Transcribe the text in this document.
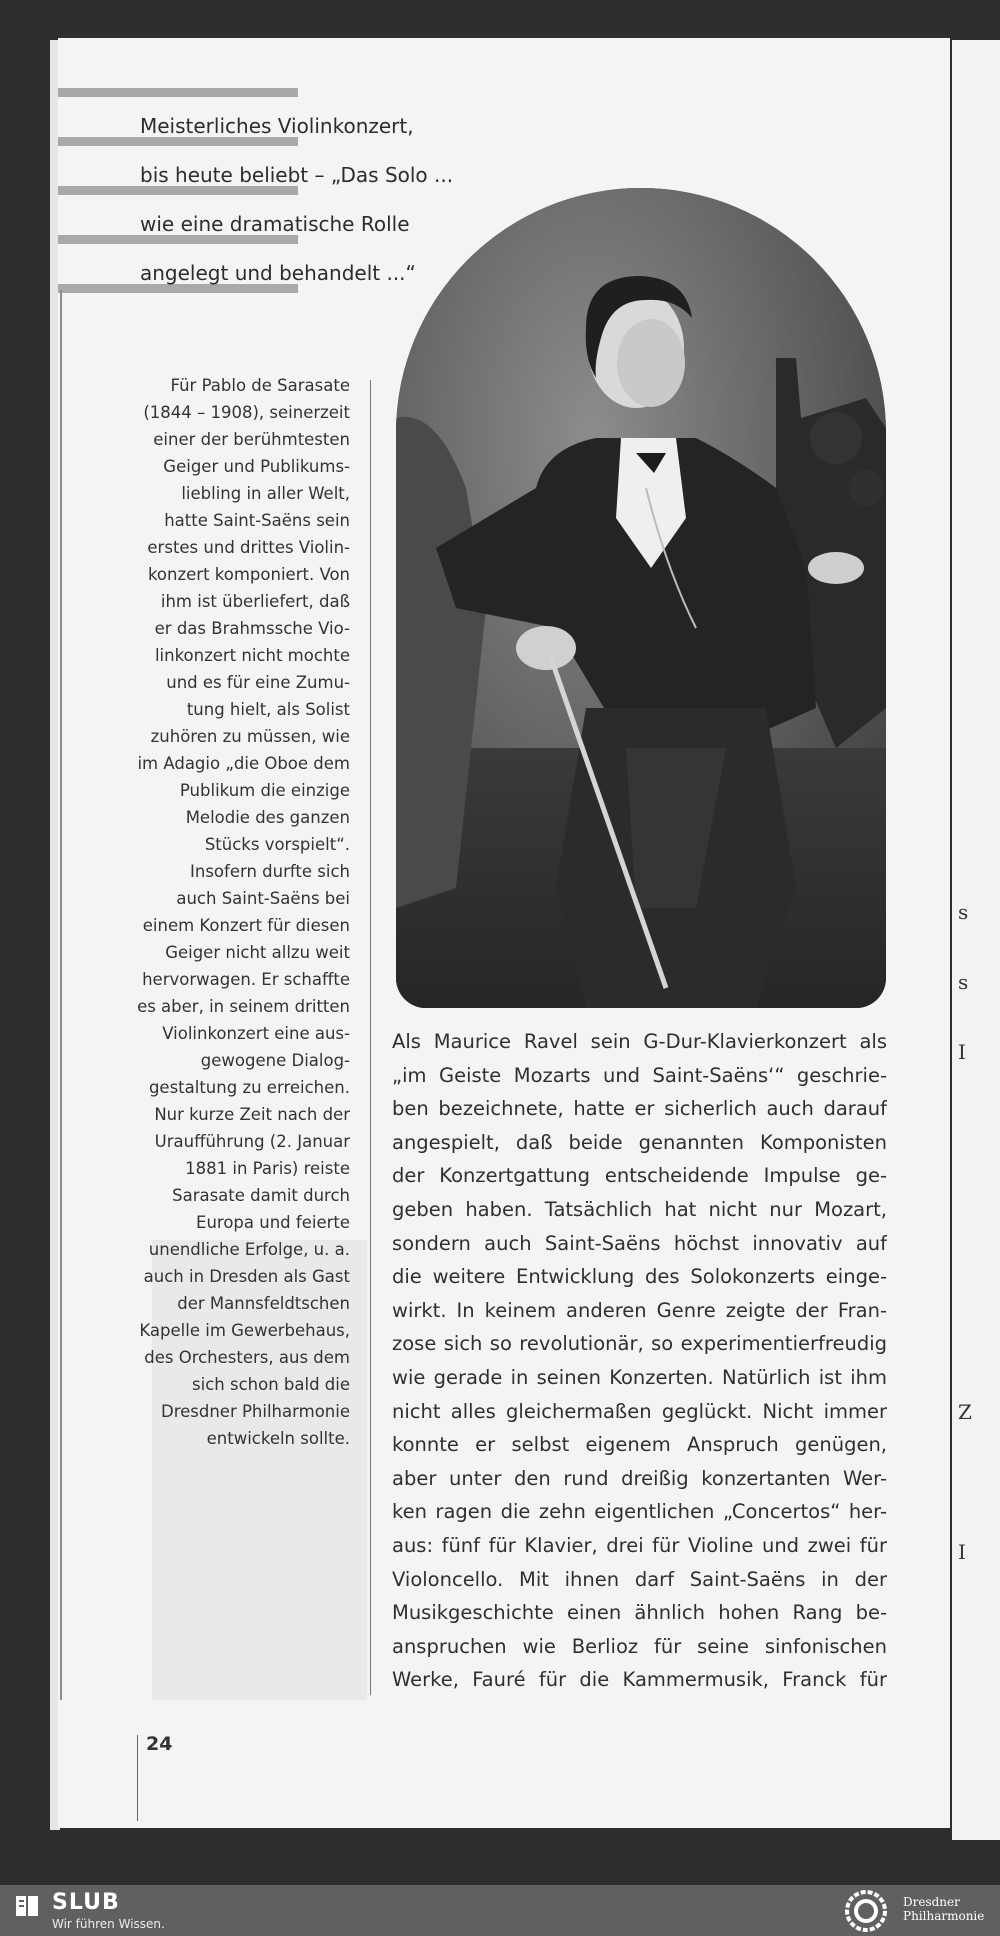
s
s
I
Z
I
Meisterliches Violinkonzert,
bis heute beliebt – „Das Solo ...
wie eine dramatische Rolle
angelegt und behandelt ...“
Für Pablo de Sarasate
(1844 – 1908), seinerzeit
einer der berühmtesten
Geiger und Publikums-
liebling in aller Welt,
hatte Saint-Saëns sein
erstes und drittes Violin-
konzert komponiert. Von
ihm ist überliefert, daß
er das Brahmssche Vio-
linkonzert nicht mochte
und es für eine Zumu-
tung hielt, als Solist
zuhören zu müssen, wie
im Adagio „die Oboe dem
Publikum die einzige
Melodie des ganzen
Stücks vorspielt“.
Insofern durfte sich
auch Saint-Saëns bei
einem Konzert für diesen
Geiger nicht allzu weit
hervorwagen. Er schaffte
es aber, in seinem dritten
Violinkonzert eine aus-
gewogene Dialog-
gestaltung zu erreichen.
Nur kurze Zeit nach der
Uraufführung (2. Januar
1881 in Paris) reiste
Sarasate damit durch
Europa und feierte
unendliche Erfolge, u. a.
auch in Dresden als Gast
der Mannsfeldtschen
Kapelle im Gewerbehaus,
des Orchesters, aus dem
sich schon bald die
Dresdner Philharmonie
entwickeln sollte.
Als Maurice Ravel sein G-Dur-Klavierkonzert als
„im Geiste Mozarts und Saint-Saëns‘“ geschrie-
ben bezeichnete, hatte er sicherlich auch darauf
angespielt, daß beide genannten Komponisten
der Konzertgattung entscheidende Impulse ge-
geben haben. Tatsächlich hat nicht nur Mozart,
sondern auch Saint-Saëns höchst innovativ auf
die weitere Entwicklung des Solokonzerts einge-
wirkt. In keinem anderen Genre zeigte der Fran-
zose sich so revolutionär, so experimentierfreudig
wie gerade in seinen Konzerten. Natürlich ist ihm
nicht alles gleichermaßen geglückt. Nicht immer
konnte er selbst eigenem Anspruch genügen,
aber unter den rund dreißig konzertanten Wer-
ken ragen die zehn eigentlichen „Concertos“ her-
aus: fünf für Klavier, drei für Violine und zwei für
Violoncello. Mit ihnen darf Saint-Saëns in der
Musikgeschichte einen ähnlich hohen Rang be-
anspruchen wie Berlioz für seine sinfonischen
Werke, Fauré für die Kammermusik, Franck für
24
SLUB
Wir führen Wissen.
Dresdner
Philharmonie
